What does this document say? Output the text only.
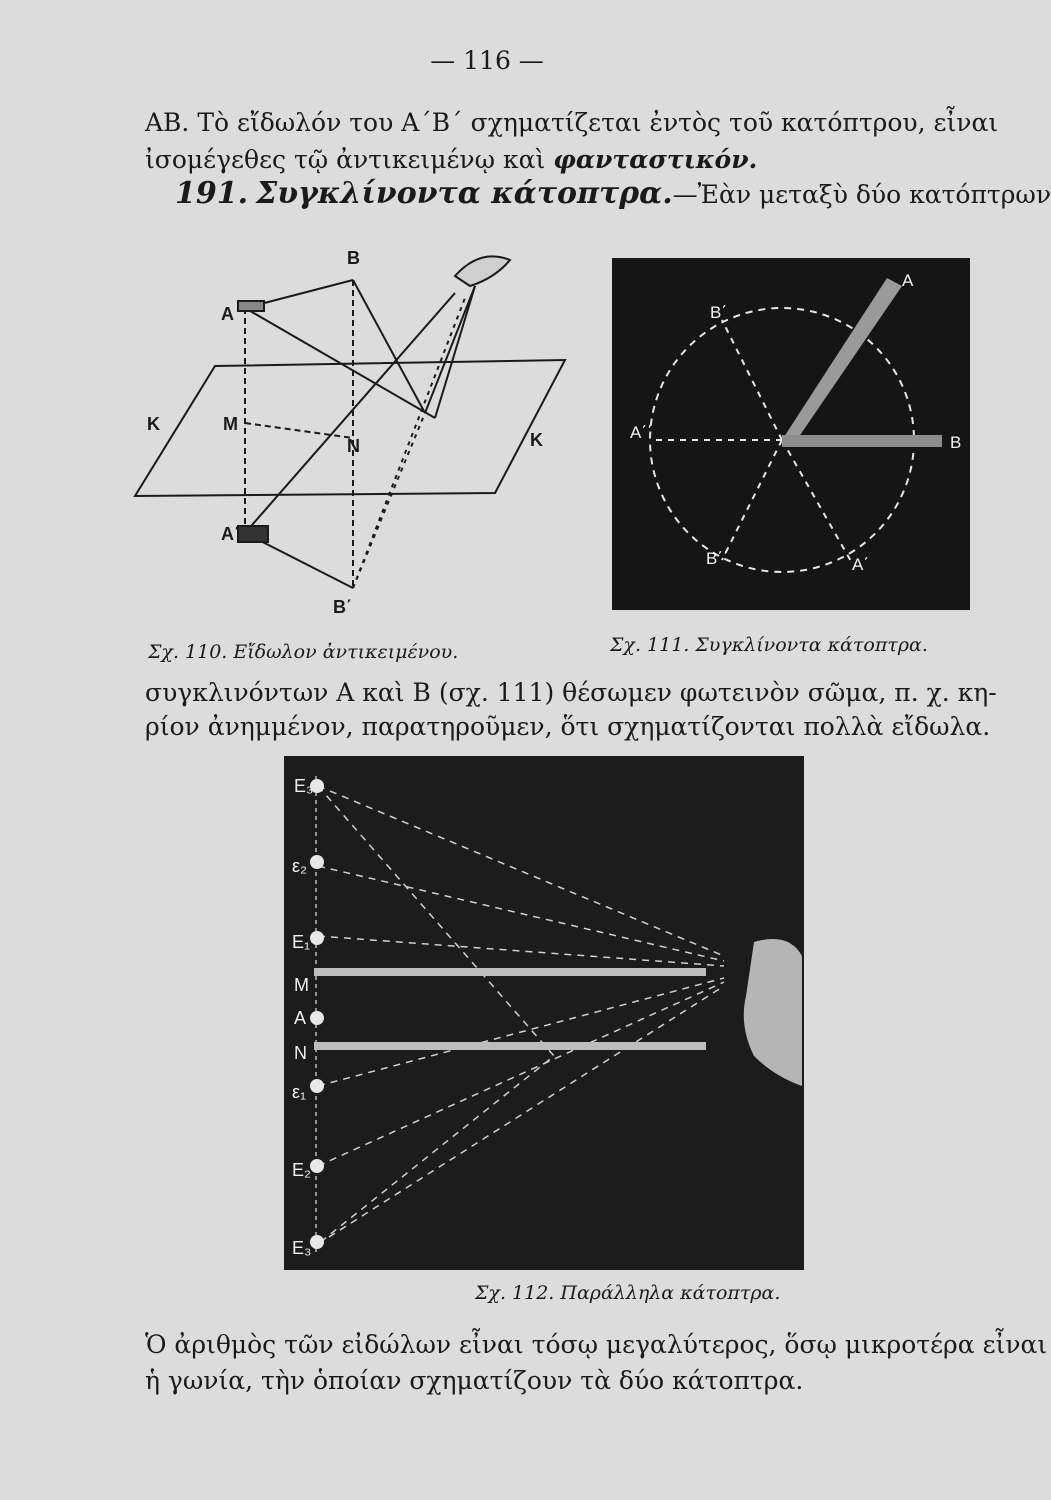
— 116 —
ΑΒ. Τὸ εἴδωλόν του Α΄Β΄ σχηματίζεται ἐντὸς τοῦ κατόπτρου, εἶναι
ἰσομέγεθες τῷ ἀντικειμένῳ καὶ φανταστικόν.
191. Συγκλίνοντα κάτοπτρα.—Ἐὰν μεταξὺ δύο κατόπτρων
B
A
M
K
N	K
A΄
B΄
A
B΄
A΄΄
B
B΄΄	A΄
Σχ. 110. Εἴδωλον ἀντικειμένου.	Σχ. 111. Συγκλίνοντα κάτοπτρα.
συγκλινόντων Α καὶ Β (σχ. 111) θέσωμεν φωτεινὸν σῶμα, π. χ. κη-
ρίον ἀνημμένον, παρατηροῦμεν, ὅτι σχηματίζονται πολλὰ εἴδωλα.
E₃
ε₂
E₁
M
A
N
ε₁
E₂
E₃
Σχ. 112. Παράλληλα κάτοπτρα.
Ὁ ἀριθμὸς τῶν εἰδώλων εἶναι τόσῳ μεγαλύτερος, ὅσῳ μικροτέρα εἶναι
ἡ γωνία, τὴν ὁποίαν σχηματίζουν τὰ δύο κάτοπτρα.
